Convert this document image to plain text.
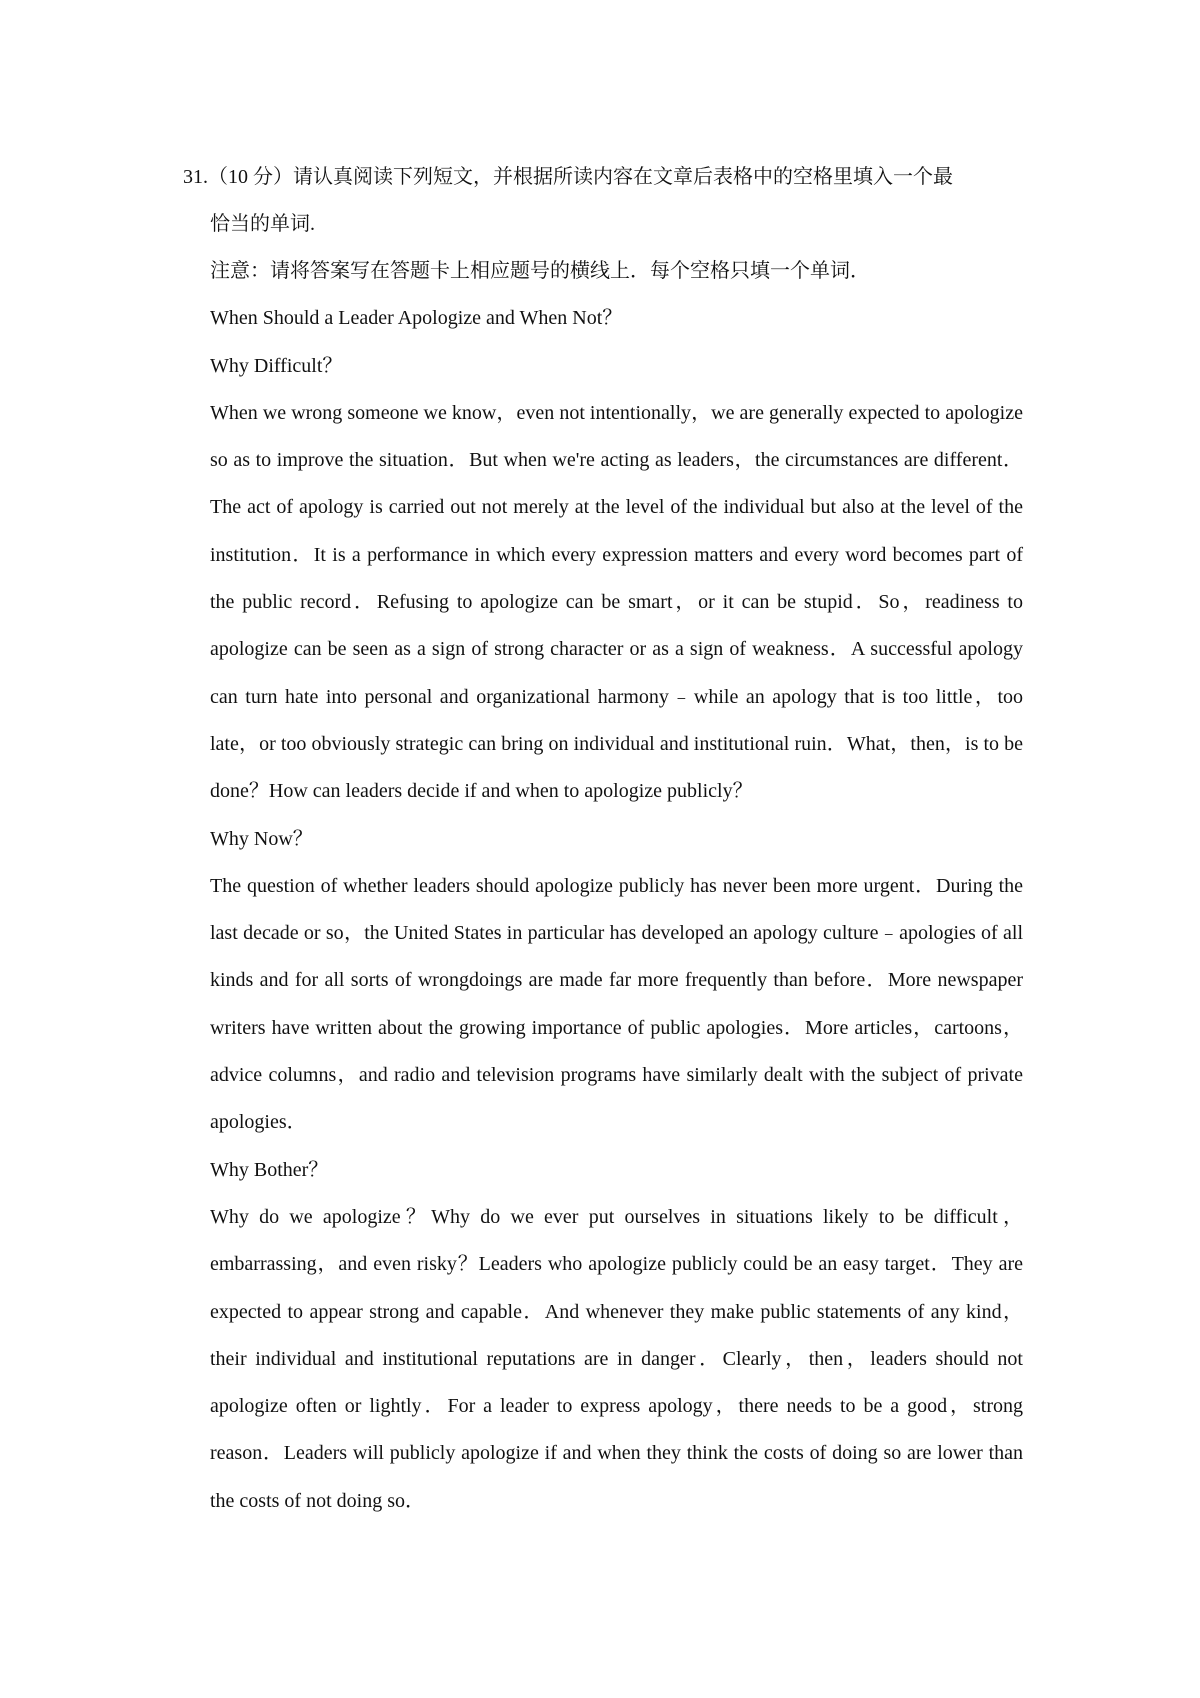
31.（10 分）请认真阅读下列短文，并根据所读内容在文章后表格中的空格里填入一个最
恰当的单词.

注意：请将答案写在答题卡上相应题号的横线上．每个空格只填一个单词．

When Should a Leader Apologize and When Not？

Why Difficult？

When we wrong someone we know，even not intentionally，we are generally expected to apologize so as to improve the situation．But when we're acting as leaders，the circumstances are different．The act of apology is carried out not merely at the level of the individual but also at the level of the institution．It is a performance in which every expression matters and every word becomes part of the public record．Refusing to apologize can be smart，or it can be stupid．So，readiness to apologize can be seen as a sign of strong character or as a sign of weakness．A successful apology can turn hate into personal and organizational harmony﹣while an apology that is too little，too late，or too obviously strategic can bring on individual and institutional ruin．What，then，is to be done？How can leaders decide if and when to apologize publicly？

Why Now？

The question of whether leaders should apologize publicly has never been more urgent．During the last decade or so，the United States in particular has developed an apology culture﹣apologies of all kinds and for all sorts of wrongdoings are made far more frequently than before．More newspaper writers have written about the growing importance of public apologies．More articles，cartoons，advice columns，and radio and television programs have similarly dealt with the subject of private apologies．

Why Bother？

Why do we apologize？Why do we ever put ourselves in situations likely to be difficult，embarrassing，and even risky？Leaders who apologize publicly could be an easy target．They are expected to appear strong and capable．And whenever they make public statements of any kind，their individual and institutional reputations are in danger．Clearly，then，leaders should not apologize often or lightly．For a leader to express apology，there needs to be a good，strong reason．Leaders will publicly apologize if and when they think the costs of doing so are lower than the costs of not doing so．
